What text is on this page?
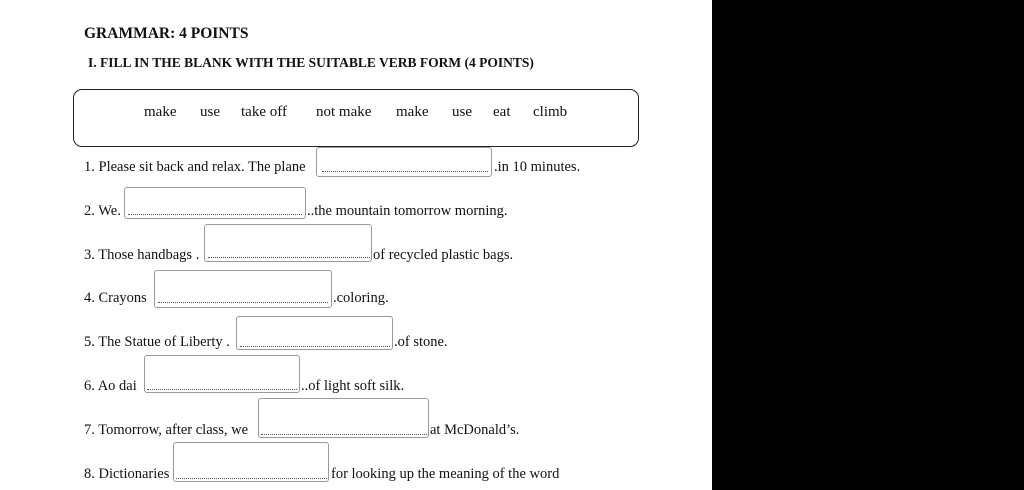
GRAMMAR: 4 POINTS
I. FILL IN THE BLANK WITH THE SUITABLE VERB FORM (4 POINTS)
make use take off not make make use eat climb
1. Please sit back and relax. The plane	.in 10 minutes.
2. We.	..the mountain tomorrow morning.
3. Those handbags .	of recycled plastic bags.
4. Crayons	.coloring.
5. The Statue of Liberty .	.of stone.
6. Ao dai	..of light soft silk.
7. Tomorrow, after class, we	at McDonald’s.
8. Dictionaries	for looking up the meaning of the word
